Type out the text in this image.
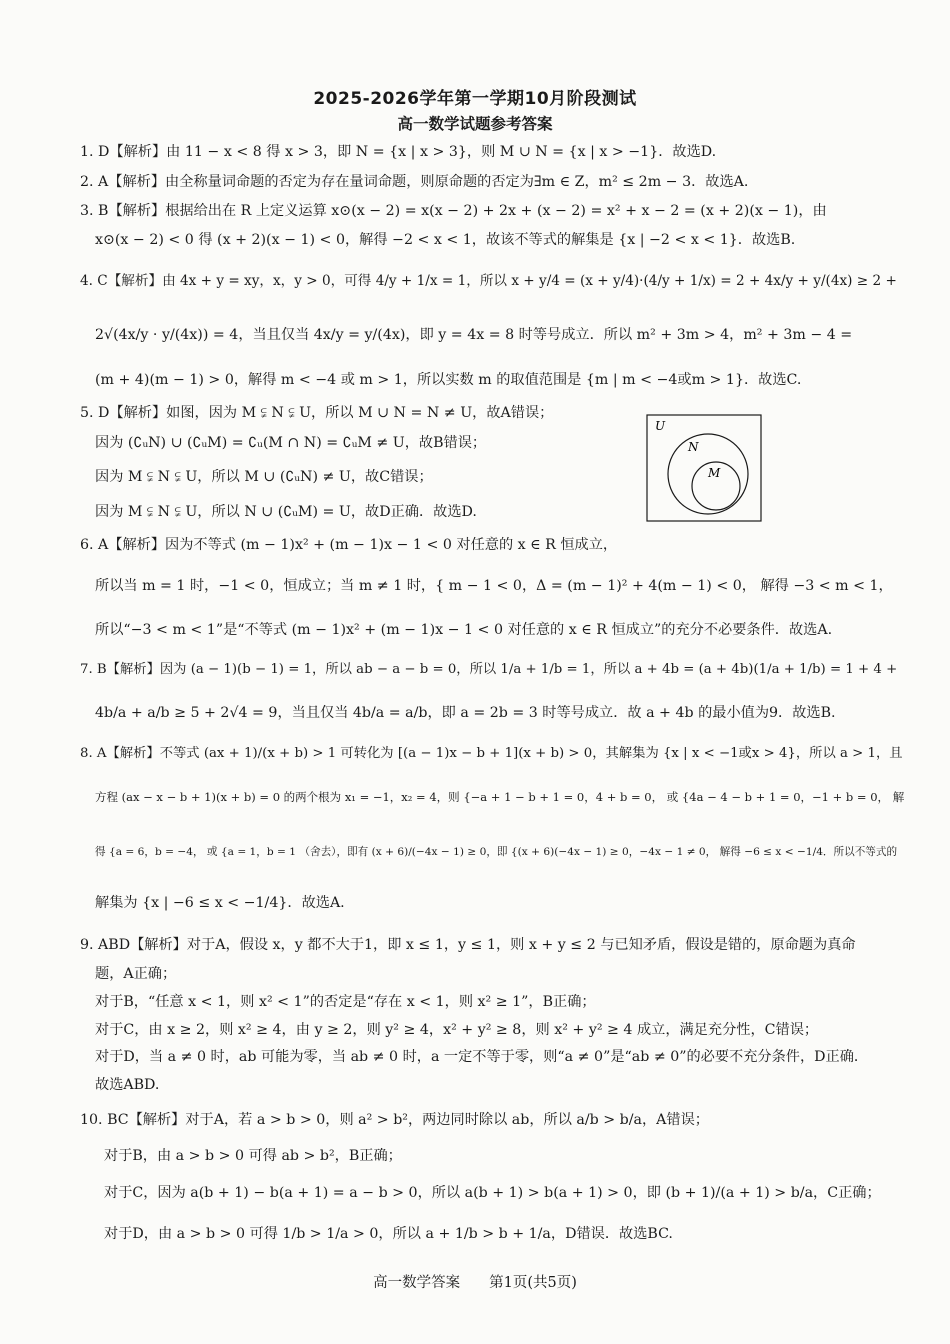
2025-2026学年第一学期10月阶段测试
高一数学试题参考答案
1. D【解析】由 11 − x < 8 得 x > 3，即 N = {x | x > 3}，则 M ∪ N = {x | x > −1}．故选D.
2. A【解析】由全称量词命题的否定为存在量词命题，则原命题的否定为∃m ∈ Z，m² ≤ 2m − 3．故选A.
3. B【解析】根据给出在 R 上定义运算 x⊙(x − 2) = x(x − 2) + 2x + (x − 2) = x² + x − 2 = (x + 2)(x − 1)，由
x⊙(x − 2) < 0 得 (x + 2)(x − 1) < 0，解得 −2 < x < 1，故该不等式的解集是 {x | −2 < x < 1}．故选B.
4. C【解析】由 4x + y = xy，x，y > 0，可得 4/y + 1/x = 1，所以 x + y/4 = (x + y/4)·(4/y + 1/x) = 2 + 4x/y + y/(4x) ≥ 2 +
2√(4x/y · y/(4x)) = 4，当且仅当 4x/y = y/(4x)，即 y = 4x = 8 时等号成立．所以 m² + 3m > 4，m² + 3m − 4 =
(m + 4)(m − 1) > 0，解得 m < −4 或 m > 1，所以实数 m 的取值范围是 {m | m < −4或m > 1}．故选C.
5. D【解析】如图，因为 M ⫋ N ⫋ U，所以 M ∪ N = N ≠ U，故A错误；
因为 (∁ᵤN) ∪ (∁ᵤM) = ∁ᵤ(M ∩ N) = ∁ᵤM ≠ U，故B错误；
因为 M ⫋ N ⫋ U，所以 M ∪ (∁ᵤN) ≠ U，故C错误；
因为 M ⫋ N ⫋ U，所以 N ∪ (∁ᵤM) = U，故D正确．故选D.
U
N
M
6. A【解析】因为不等式 (m − 1)x² + (m − 1)x − 1 < 0 对任意的 x ∈ R 恒成立，
所以当 m = 1 时，−1 < 0，恒成立；当 m ≠ 1 时，{ m − 1 < 0，Δ = (m − 1)² + 4(m − 1) < 0， 解得 −3 < m < 1，
所以“−3 < m < 1”是“不等式 (m − 1)x² + (m − 1)x − 1 < 0 对任意的 x ∈ R 恒成立”的充分不必要条件．故选A.
7. B【解析】因为 (a − 1)(b − 1) = 1，所以 ab − a − b = 0，所以 1/a + 1/b = 1，所以 a + 4b = (a + 4b)(1/a + 1/b) = 1 + 4 +
4b/a + a/b ≥ 5 + 2√4 = 9，当且仅当 4b/a = a/b，即 a = 2b = 3 时等号成立．故 a + 4b 的最小值为9．故选B.
8. A【解析】不等式 (ax + 1)/(x + b) > 1 可转化为 [(a − 1)x − b + 1](x + b) > 0，其解集为 {x | x < −1或x > 4}，所以 a > 1，且
方程 (ax − x − b + 1)(x + b) = 0 的两个根为 x₁ = −1，x₂ = 4，则 {−a + 1 − b + 1 = 0，4 + b = 0， 或 {4a − 4 − b + 1 = 0，−1 + b = 0， 解
得 {a = 6，b = −4， 或 {a = 1，b = 1 （舍去），即有 (x + 6)/(−4x − 1) ≥ 0，即 {(x + 6)(−4x − 1) ≥ 0，−4x − 1 ≠ 0， 解得 −6 ≤ x < −1/4．所以不等式的
解集为 {x | −6 ≤ x < −1/4}．故选A.
9. ABD【解析】对于A，假设 x，y 都不大于1，即 x ≤ 1，y ≤ 1，则 x + y ≤ 2 与已知矛盾，假设是错的，原命题为真命
题，A正确；
对于B，“任意 x < 1，则 x² < 1”的否定是“存在 x < 1，则 x² ≥ 1”，B正确；
对于C，由 x ≥ 2，则 x² ≥ 4，由 y ≥ 2，则 y² ≥ 4，x² + y² ≥ 8，则 x² + y² ≥ 4 成立，满足充分性，C错误；
对于D，当 a ≠ 0 时，ab 可能为零，当 ab ≠ 0 时，a 一定不等于零，则“a ≠ 0”是“ab ≠ 0”的必要不充分条件，D正确．
故选ABD.
10. BC【解析】对于A，若 a > b > 0，则 a² > b²，两边同时除以 ab，所以 a/b > b/a，A错误；
对于B，由 a > b > 0 可得 ab > b²，B正确；
对于C，因为 a(b + 1) − b(a + 1) = a − b > 0，所以 a(b + 1) > b(a + 1) > 0，即 (b + 1)/(a + 1) > b/a，C正确；
对于D，由 a > b > 0 可得 1/b > 1/a > 0，所以 a + 1/b > b + 1/a，D错误．故选BC.
高一数学答案　　第1页(共5页)
